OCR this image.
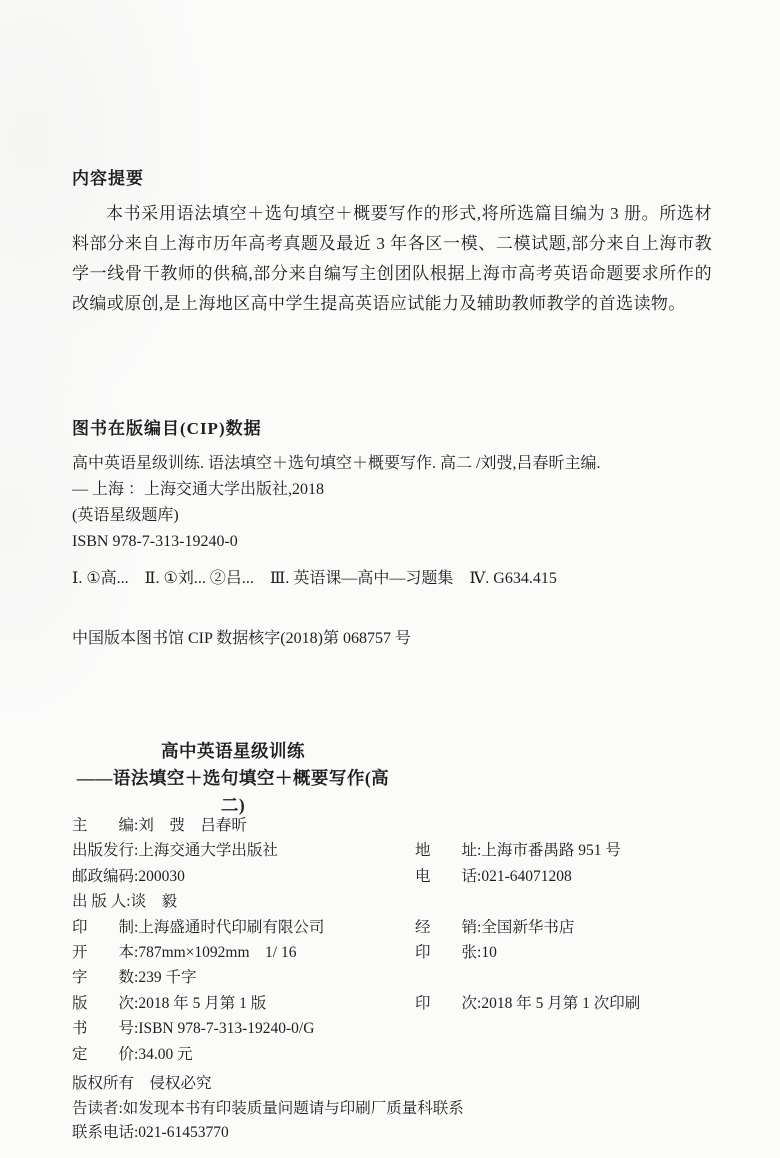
内容提要

本书采用语法填空＋选句填空＋概要写作的形式,将所选篇目编为 3 册。所选材料部分来自上海市历年高考真题及最近 3 年各区一模、二模试题,部分来自上海市教学一线骨干教师的供稿,部分来自编写主创团队根据上海市高考英语命题要求所作的改编或原创,是上海地区高中学生提高英语应试能力及辅助教师教学的首选读物。

图书在版编目(CIP)数据

高中英语星级训练. 语法填空＋选句填空＋概要写作. 高二 /刘弢,吕春昕主编.

— 上海 ：上海交通大学出版社,2018

(英语星级题库)

ISBN 978-7-313-19240-0

Ⅰ. ①高...　Ⅱ. ①刘... ②吕...　Ⅲ. 英语课—高中—习题集　Ⅳ. G634.415

中国版本图书馆 CIP 数据核字(2018)第 068757 号

高中英语星级训练
——语法填空＋选句填空＋概要写作(高二)
主　　编:刘　弢　吕春昕
出版发行:上海交通大学出版社	地　　址:上海市番禺路 951 号
邮政编码:200030	电　　话:021-64071208
出 版 人:谈　毅
印　　制:上海盛通时代印刷有限公司	经　　销:全国新华书店
开　　本:787mm×1092mm　1/ 16	印　　张:10
字　　数:239 千字
版　　次:2018 年 5 月第 1 版	印　　次:2018 年 5 月第 1 次印刷
书　　号:ISBN 978-7-313-19240-0/G
定　　价:34.00 元

版权所有　侵权必究

告读者:如发现本书有印装质量问题请与印刷厂质量科联系

联系电话:021-61453770
